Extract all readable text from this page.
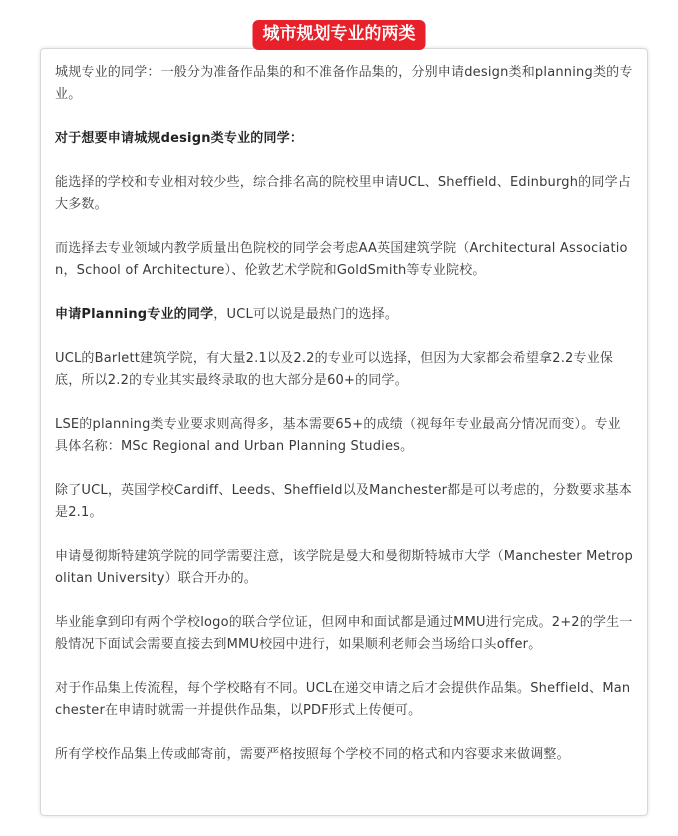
城市规划专业的两类

城规专业的同学：一般分为准备作品集的和不准备作品集的，分别申请design类和planning类的专业。

对于想要申请城规design类专业的同学：

能选择的学校和专业相对较少些，综合排名高的院校里申请UCL、Sheffield、Edinburgh的同学占大多数。

而选择去专业领域内教学质量出色院校的同学会考虑AA英国建筑学院（Architectural Association，School of Architecture）、伦敦艺术学院和GoldSmith等专业院校。

申请Planning专业的同学，UCL可以说是最热门的选择。

UCL的Barlett建筑学院，有大量2.1以及2.2的专业可以选择，但因为大家都会希望拿2.2专业保底，所以2.2的专业其实最终录取的也大部分是60+的同学。

LSE的planning类专业要求则高得多，基本需要65+的成绩（视每年专业最高分情况而变）。专业具体名称：MSc Regional and Urban Planning Studies。

除了UCL，英国学校Cardiff、Leeds、Sheffield以及Manchester都是可以考虑的，分数要求基本是2.1。

申请曼彻斯特建筑学院的同学需要注意，该学院是曼大和曼彻斯特城市大学（Manchester Metropolitan University）联合开办的。

毕业能拿到印有两个学校logo的联合学位证，但网申和面试都是通过MMU进行完成。2+2的学生一般情况下面试会需要直接去到MMU校园中进行，如果顺利老师会当场给口头offer。

对于作品集上传流程，每个学校略有不同。UCL在递交申请之后才会提供作品集。Sheffield、Manchester在申请时就需一并提供作品集，以PDF形式上传便可。

所有学校作品集上传或邮寄前，需要严格按照每个学校不同的格式和内容要求来做调整。
